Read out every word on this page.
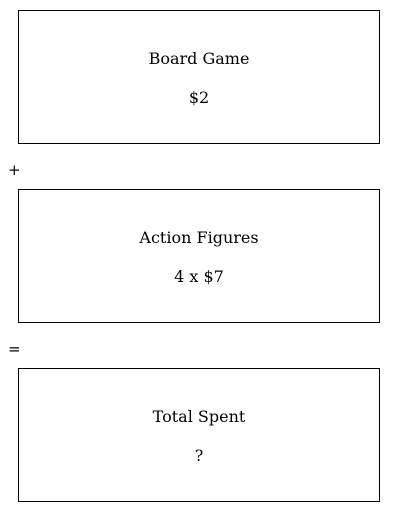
Board Game
$2
+
Action Figures
4 x $7
=
Total Spent
?
